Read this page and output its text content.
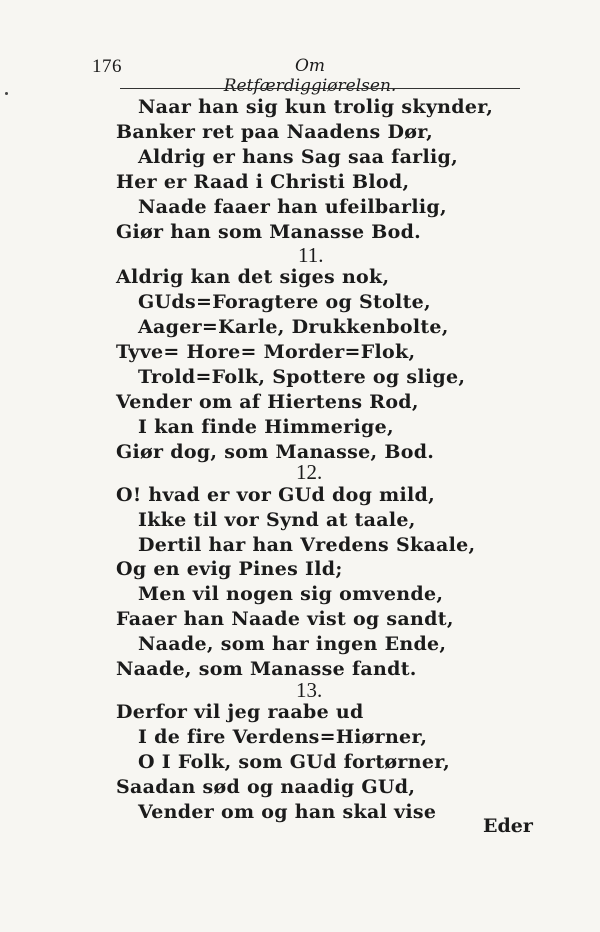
176	Om Retfærdiggiørelsen.
Naar han sig kun trolig skynder,
Banker ret paa Naadens Dør,
Aldrig er hans Sag saa farlig,
Her er Raad i Christi Blod,
Naade faaer han ufeilbarlig,
Giør han som Manasse Bod.
11.
Aldrig kan det siges nok,
GUds=Foragtere og Stolte,
Aager=Karle, Drukkenbolte,
Tyve= Hore= Morder=Flok,
Trold=Folk, Spottere og slige,
Vender om af Hiertens Rod,
I kan finde Himmerige,
Giør dog, som Manasse, Bod.
12.
O! hvad er vor GUd dog mild,
Ikke til vor Synd at taale,
Dertil har han Vredens Skaale,
Og en evig Pines Ild;
Men vil nogen sig omvende,
Faaer han Naade vist og sandt,
Naade, som har ingen Ende,
Naade, som Manasse fandt.
13.
Derfor vil jeg raabe ud
I de fire Verdens=Hiørner,
O I Folk, som GUd fortørner,
Saadan sød og naadig GUd,
Vender om og han skal vise
Eder
